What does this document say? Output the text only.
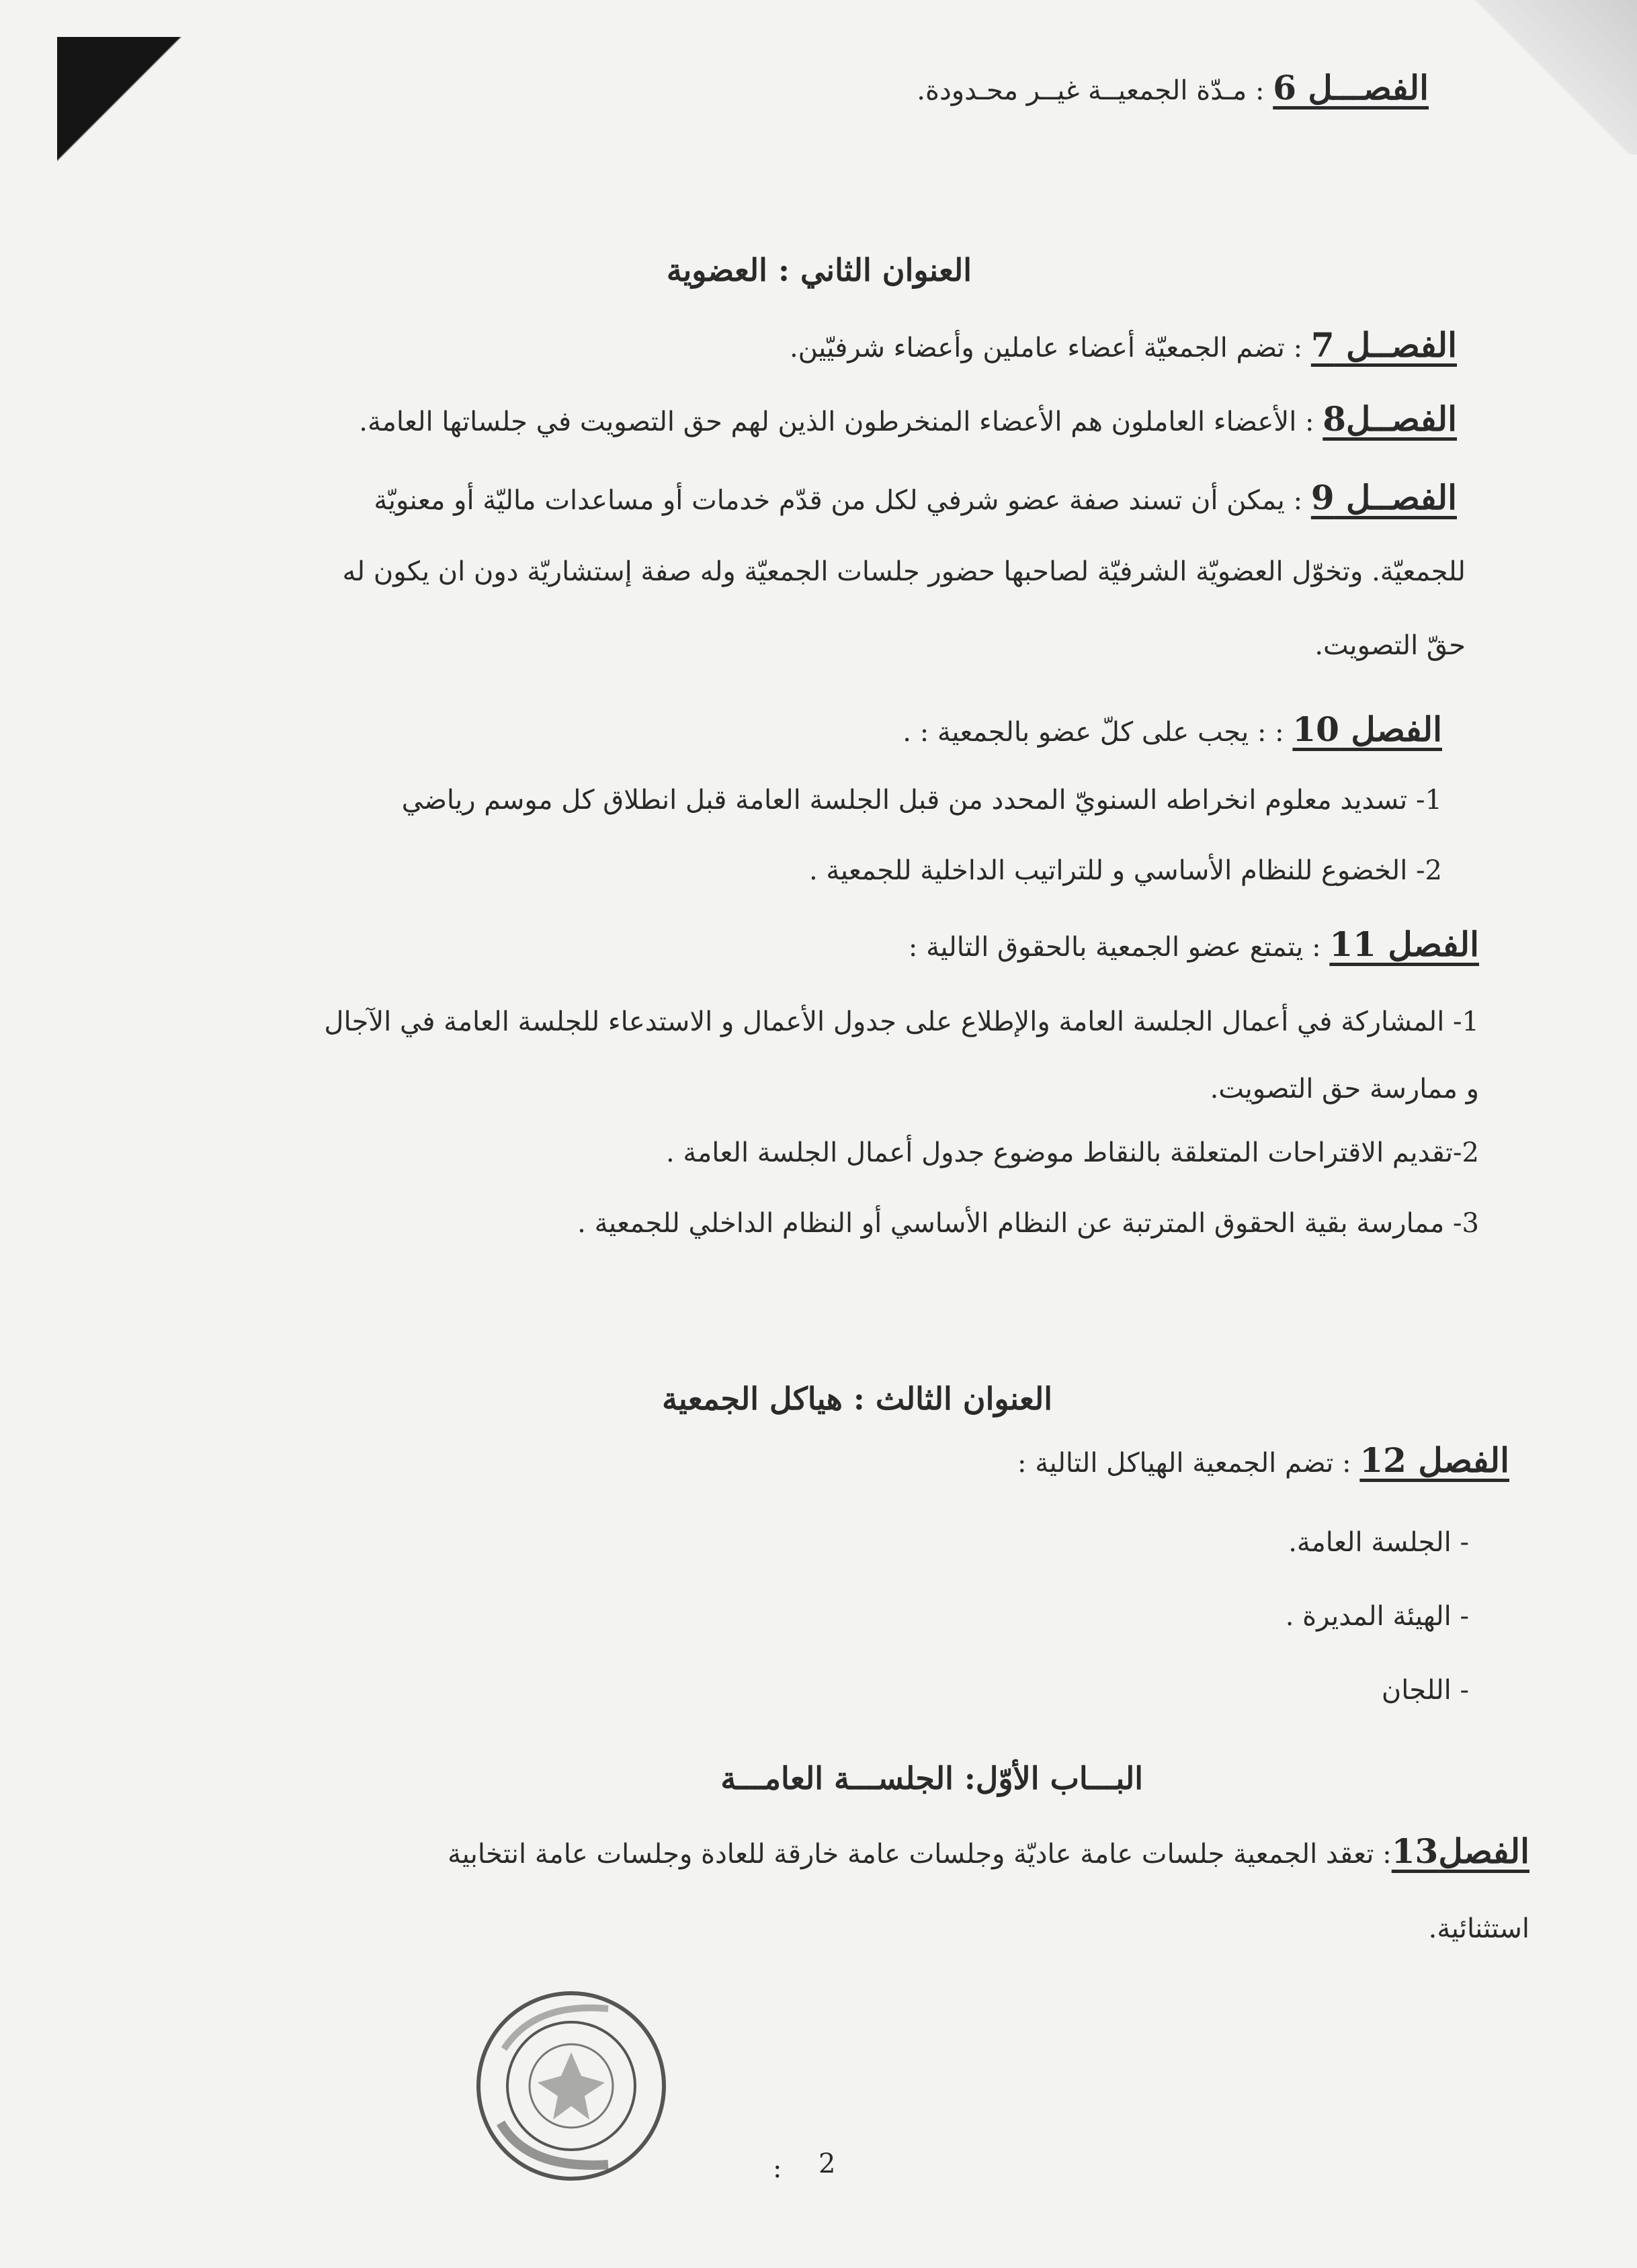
الفصـــل 6 : مـدّة الجمعيــة غيــر محـدودة.
العنوان الثاني : العضوية
الفصــل 7 : تضم الجمعيّة أعضاء عاملين وأعضاء شرفيّين.
الفصــل8 : الأعضاء العاملون هم الأعضاء المنخرطون الذين لهم حق التصويت في جلساتها العامة.
الفصــل 9 : يمكن أن تسند صفة عضو شرفي لكل من قدّم خدمات أو مساعدات ماليّة أو معنويّة
للجمعيّة. وتخوّل العضويّة الشرفيّة لصاحبها حضور جلسات الجمعيّة وله صفة إستشاريّة دون ان يكون له
حقّ التصويت.
الفصل 10 : : يجب على كلّ عضو بالجمعية : .
1- تسديد معلوم انخراطه السنويّ المحدد من قبل الجلسة العامة قبل انطلاق كل موسم رياضي
2- الخضوع للنظام الأساسي و للتراتيب الداخلية للجمعية .
الفصل 11 : يتمتع عضو الجمعية بالحقوق التالية :
1- المشاركة في أعمال الجلسة العامة والإطلاع على جدول الأعمال و الاستدعاء للجلسة العامة في الآجال
و ممارسة حق التصويت.
2-تقديم الاقتراحات المتعلقة بالنقاط موضوع جدول أعمال الجلسة العامة .
3- ممارسة بقية الحقوق المترتبة عن النظام الأساسي أو النظام الداخلي للجمعية .
العنوان الثالث : هياكل الجمعية
الفصل 12 : تضم الجمعية الهياكل التالية :
- الجلسة العامة.
- الهيئة المديرة .
- اللجان
البـــاب الأوّل: الجلســـة العامـــة
الفصل13: تعقد الجمعية جلسات عامة عاديّة وجلسات عامة خارقة للعادة وجلسات عامة انتخابية
استثنائية.
2
:
